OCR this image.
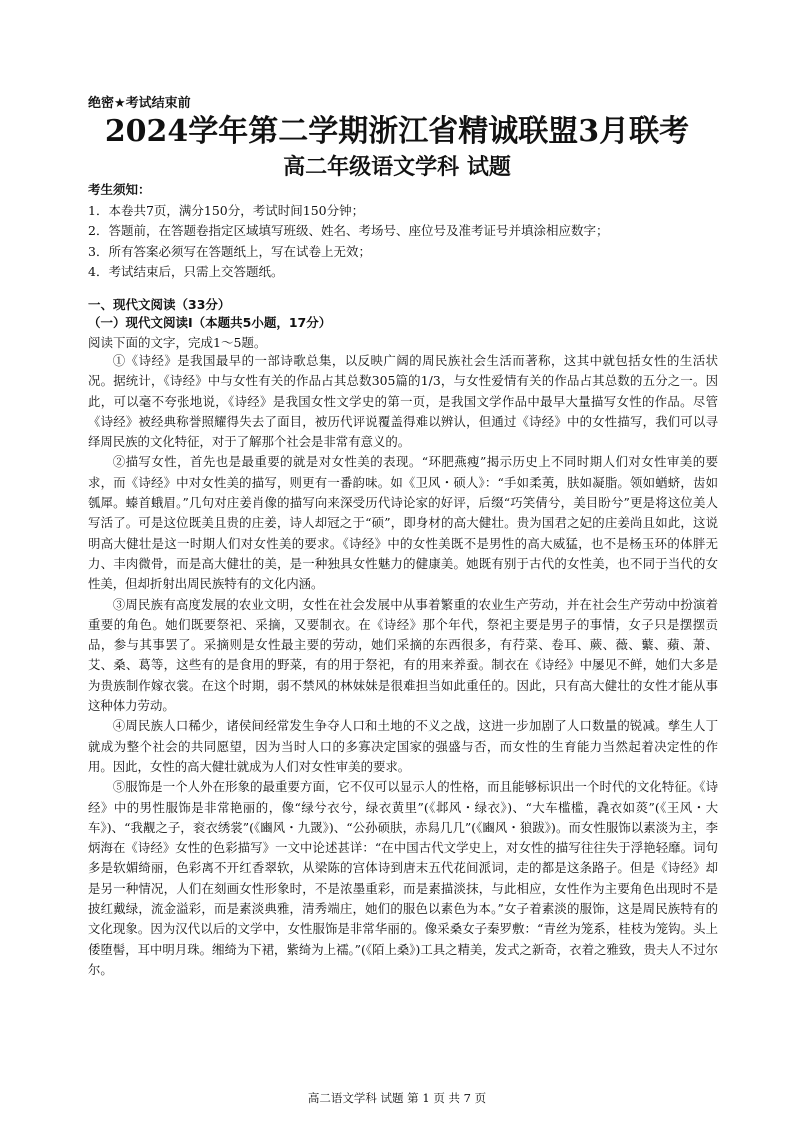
绝密★考试结束前
2024学年第二学期浙江省精诚联盟3月联考
高二年级语文学科 试题
考生须知：
1．本卷共7页，满分150分，考试时间150分钟；
2．答题前，在答题卷指定区域填写班级、姓名、考场号、座位号及准考证号并填涂相应数字；
3．所有答案必须写在答题纸上，写在试卷上无效；
4．考试结束后，只需上交答题纸。
一、现代文阅读（33分）
（一）现代文阅读Ⅰ（本题共5小题，17分）
阅读下面的文字，完成1～5题。

①《诗经》是我国最早的一部诗歌总集，以反映广阔的周民族社会生活而著称，这其中就包括女性的生活状况。据统计，《诗经》中与女性有关的作品占其总数305篇的1/3，与女性爱情有关的作品占其总数的五分之一。因此，可以毫不夸张地说，《诗经》是我国女性文学史的第一页，是我国文学作品中最早大量描写女性的作品。尽管《诗经》被经典称誉照耀得失去了面目，被历代评说覆盖得难以辨认，但通过《诗经》中的女性描写，我们可以寻绎周民族的文化特征，对于了解那个社会是非常有意义的。

②描写女性，首先也是最重要的就是对女性美的表现。“环肥燕瘦”揭示历史上不同时期人们对女性审美的要求，而《诗经》中对女性美的描写，则更有一番韵味。如《卫风・硕人》：“手如柔荑，肤如凝脂。领如蝤蛴，齿如瓠犀。螓首蛾眉。”几句对庄姜肖像的描写向来深受历代诗论家的好评，后缀“巧笑倩兮，美目盼兮”更是将这位美人写活了。可是这位既美且贵的庄姜，诗人却冠之于“硕”，即身材的高大健壮。贵为国君之妃的庄姜尚且如此，这说明高大健壮是这一时期人们对女性美的要求。《诗经》中的女性美既不是男性的高大威猛，也不是杨玉环的体胖无力、丰肉微骨，而是高大健壮的美，是一种独具女性魅力的健康美。她既有别于古代的女性美，也不同于当代的女性美，但却折射出周民族特有的文化内涵。

③周民族有高度发展的农业文明，女性在社会发展中从事着繁重的农业生产劳动，并在社会生产劳动中扮演着重要的角色。她们既要祭祀、采摘，又要制衣。在《诗经》那个年代，祭祀主要是男子的事情，女子只是摆摆贡品，参与其事罢了。采摘则是女性最主要的劳动，她们采摘的东西很多，有荇菜、卷耳、蕨、薇、蘩、蘋、萧、艾、桑、葛等，这些有的是食用的野菜，有的用于祭祀，有的用来养蚕。制衣在《诗经》中屡见不鲜，她们大多是为贵族制作嫁衣裳。在这个时期，弱不禁风的林妹妹是很难担当如此重任的。因此，只有高大健壮的女性才能从事这种体力劳动。

④周民族人口稀少，诸侯间经常发生争夺人口和土地的不义之战，这进一步加剧了人口数量的锐减。孳生人丁就成为整个社会的共同愿望，因为当时人口的多寡决定国家的强盛与否，而女性的生育能力当然起着决定性的作用。因此，女性的高大健壮就成为人们对女性审美的要求。

⑤服饰是一个人外在形象的最重要方面，它不仅可以显示人的性格，而且能够标识出一个时代的文化特征。《诗经》中的男性服饰是非常艳丽的，像“绿兮衣兮，绿衣黄里”(《邶风・绿衣》)、“大车槛槛，毳衣如菼”(《王风・大车》)、“我觏之子，衮衣绣裳”(《豳风・九罭》)、“公孙硕肤，赤舄几几”(《豳风・狼跋》)。而女性服饰以素淡为主，李炳海在《诗经》女性的色彩描写》一文中论述甚详：“在中国古代文学史上，对女性的描写往往失于浮艳轻靡。词句多是软媚绮丽，色彩离不开红香翠软，从梁陈的宫体诗到唐末五代花间派词，走的都是这条路子。但是《诗经》却是另一种情况，人们在刻画女性形象时，不是浓墨重彩，而是素描淡抹，与此相应，女性作为主要角色出现时不是披红戴绿，流金溢彩，而是素淡典雅，清秀端庄，她们的服色以素色为本。”女子着素淡的服饰，这是周民族特有的文化现象。因为汉代以后的文学中，女性服饰是非常华丽的。像采桑女子秦罗敷：“青丝为笼系，桂枝为笼钩。头上倭堕髻，耳中明月珠。缃绮为下裙，紫绮为上襦。”(《陌上桑》)工具之精美，发式之新奇，衣着之雅致，贵夫人不过尔尔。

高二语文学科 试题 第 1 页 共 7 页
